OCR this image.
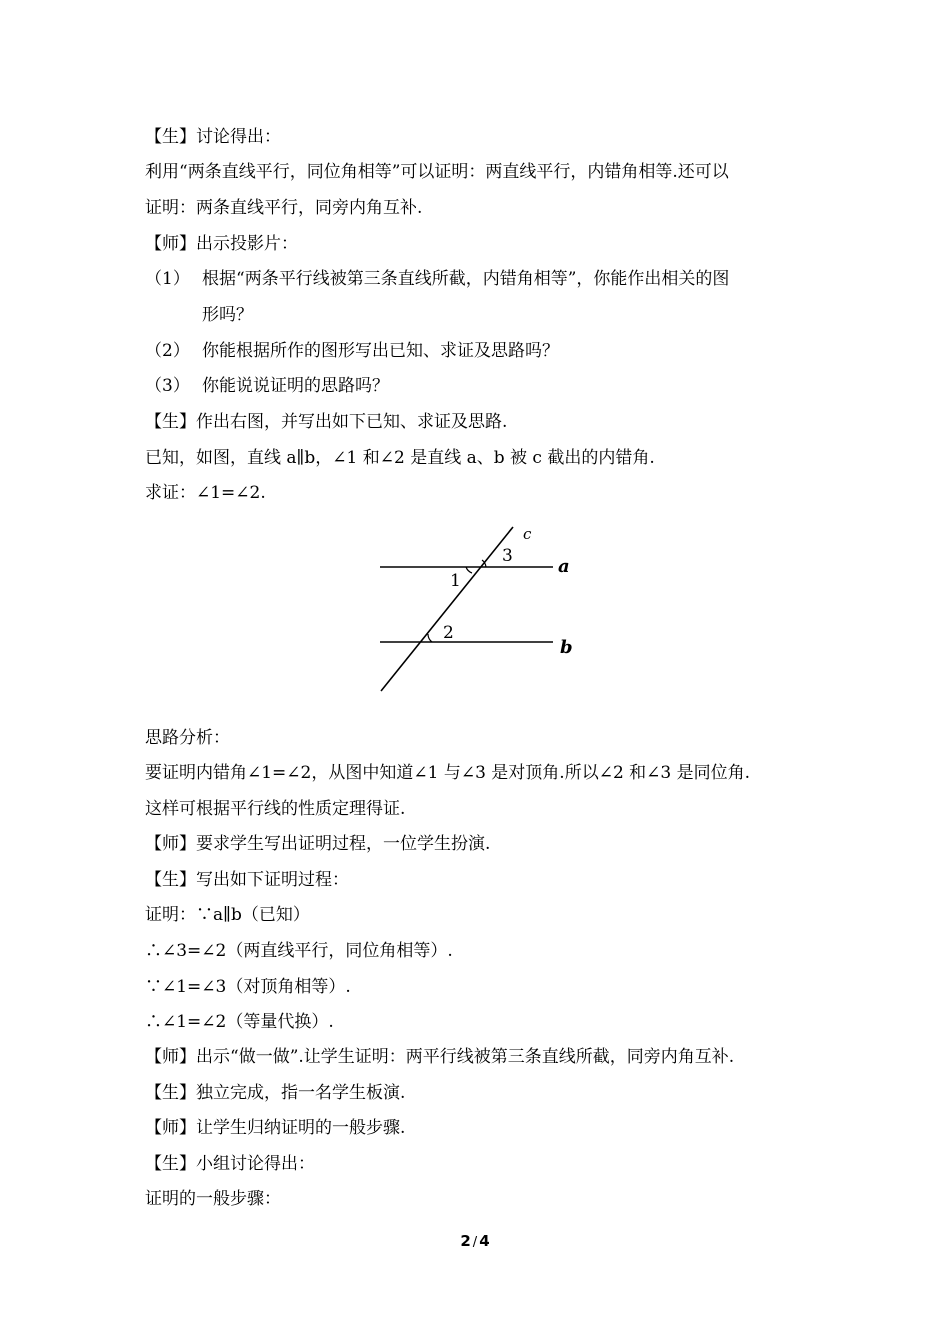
【生】讨论得出：
利用“两条直线平行，同位角相等”可以证明：两直线平行，内错角相等.还可以
证明：两条直线平行，同旁内角互补.
【师】出示投影片：
（1） 根据“两条平行线被第三条直线所截，内错角相等”，你能作出相关的图
形吗？
（2） 你能根据所作的图形写出已知、求证及思路吗？
（3） 你能说说证明的思路吗？
【生】作出右图，并写出如下已知、求证及思路.
已知，如图，直线 a∥b，∠1 和∠2 是直线 a、b 被 c 截出的内错角.
求证：∠1=∠2.
1
2
3
c
a
b
思路分析：
要证明内错角∠1=∠2，从图中知道∠1 与∠3 是对顶角.所以∠2 和∠3 是同位角.
这样可根据平行线的性质定理得证.
【师】要求学生写出证明过程，一位学生扮演.
【生】写出如下证明过程：
证明：∵a∥b（已知）
∴∠3=∠2（两直线平行，同位角相等）.
∵∠1=∠3（对顶角相等）.
∴∠1=∠2（等量代换）.
【师】出示“做一做”.让学生证明：两平行线被第三条直线所截，同旁内角互补.
【生】独立完成，指一名学生板演.
【师】让学生归纳证明的一般步骤.
【生】小组讨论得出：
证明的一般步骤：
2 / 4
